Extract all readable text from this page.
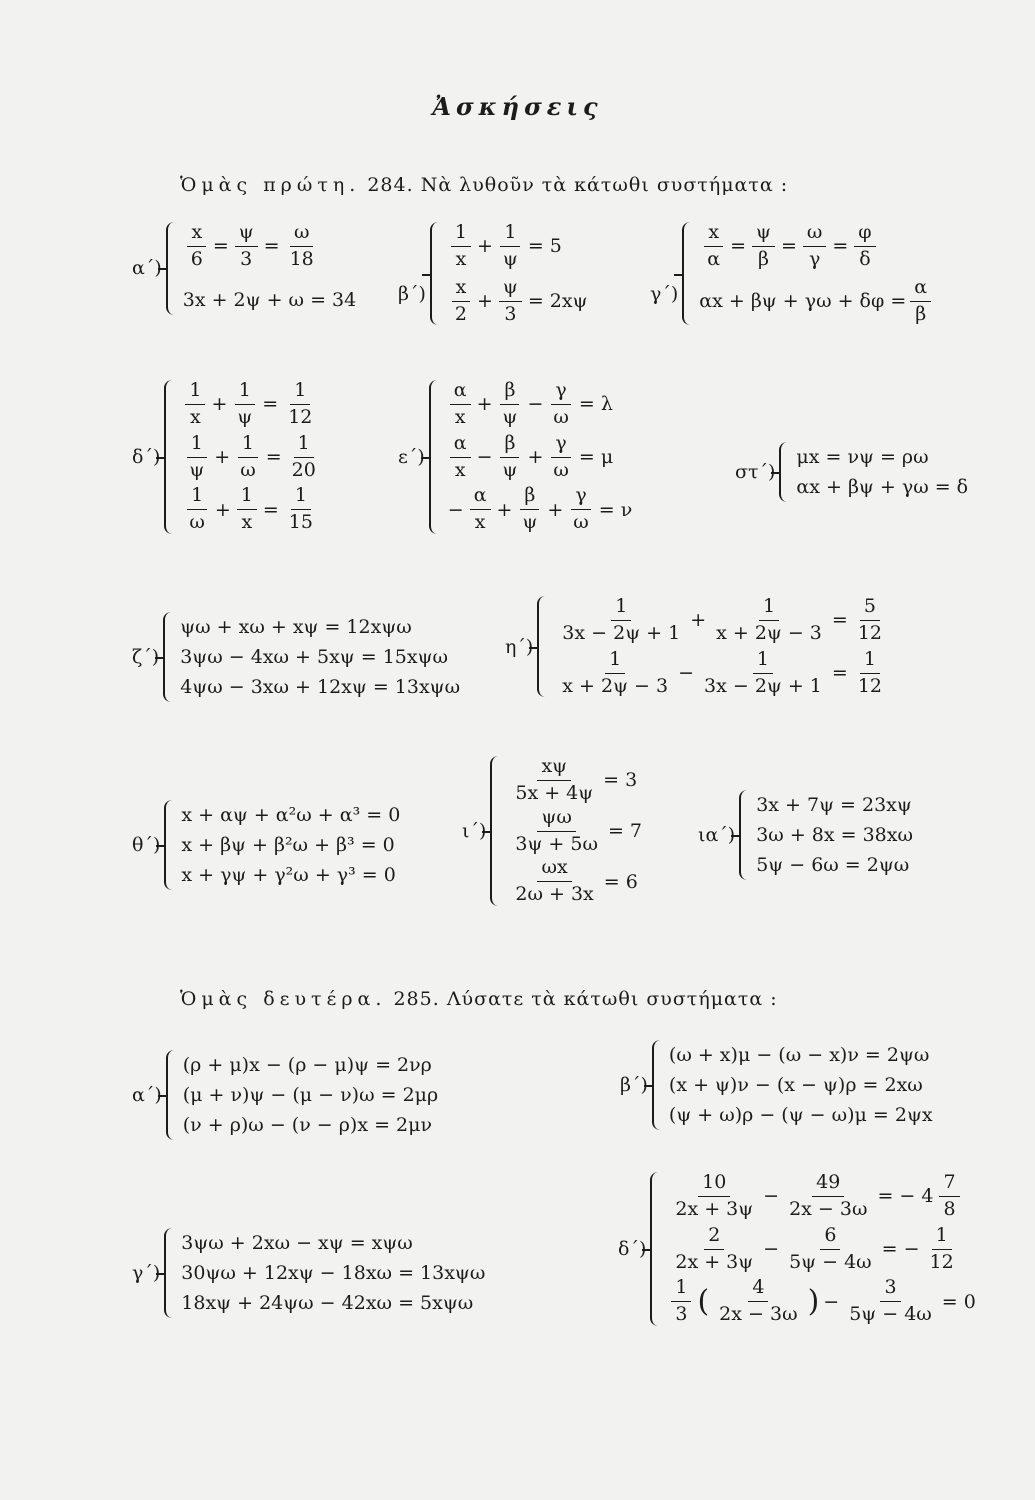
Ἀσκήσεις
Ὁμὰς πρώτη. 284. Νὰ λυθοῦν τὰ κάτωθι συστήματα :
$\alpha΄) \frac{x}{6} = \frac{\psi}{3} = \frac{\omega}{18}$
3x + 2ψ + ω = 34 β΄)
$\frac{1}{x} + \frac{1}{\psi} = 5$
$\frac{x}{2} + \frac{\psi}{3} = 2x\psi$	γ΄)
$\frac{x}{\alpha} = \frac{\psi}{\beta} = \frac{\omega}{\gamma} = \frac{\varphi}{\delta}$
$\alpha x + \beta\psi + \gamma\omega + \delta\varphi = \frac{\alpha}{\beta}$
δ΄)
$\frac{1}{x} + \frac{1}{\psi} = \frac{1}{12}$
$\frac{1}{\psi} + \frac{1}{\omega} = \frac{1}{20}$
$\frac{1}{\omega} + \frac{1}{x} = \frac{1}{15}$
ε΄)
$\frac{\alpha}{x} + \frac{\beta}{\psi} - \frac{\gamma}{\omega} = \lambda$
$\frac{\alpha}{x} - \frac{\beta}{\psi} + \frac{\gamma}{\omega} = \mu$
− $\frac{\alpha}{x} + \frac{\beta}{\psi} + \frac{\gamma}{\omega} = \nu$
στ΄)
μx = νψ = ρω
αx + βψ + γω = δ
ζ΄)
ψω + xω + xψ = 12xψω
3ψω − 4xω + 5xψ = 15xψω
4ψω − 3xω + 12xψ = 13xψω
η΄)
$\frac{1}{3x - 2\psi + 1} + \frac{1}{x + 2\psi - 3} = \frac{5}{12}$
$\frac{1}{x + 2\psi - 3} - \frac{1}{3x - 2\psi + 1} = \frac{1}{12}$
θ΄)
x + αψ + α²ω + α³ = 0
x + βψ + β²ω + β³ = 0
x + γψ + γ²ω + γ³ = 0
ι΄)
$\frac{x\psi}{5x + 4\psi} = 3$
$\frac{\psi\omega}{3\psi + 5\omega} = 7$
$\frac{\omega x}{2\omega + 3x} = 6$
ια΄)
3x + 7ψ = 23xψ
3ω + 8x = 38xω
5ψ − 6ω = 2ψω
Ὁμὰς δευτέρα. 285. Λύσατε τὰ κάτωθι συστήματα :
α΄)
(ρ + μ)x − (ρ − μ)ψ = 2νρ
(μ + ν)ψ − (μ − ν)ω = 2μρ
(ν + ρ)ω − (ν − ρ)x = 2μν
β΄)
(ω + x)μ − (ω − x)ν = 2ψω
(x + ψ)ν − (x − ψ)ρ = 2xω
(ψ + ω)ρ − (ψ − ω)μ = 2ψx
γ΄)
3ψω + 2xω − xψ = xψω
30ψω + 12xψ − 18xω = 13xψω
18xψ + 24ψω − 42xω = 5xψω
δ΄)
$\frac{10}{2x + 3\psi} - \frac{49}{2x - 3\omega}$ = − $4 \frac{7}{8}$
$\frac{2}{2x + 3\psi} - \frac{6}{5\psi - 4\omega}$ = − $\frac{1}{12}$
$\frac{1}{3}$ ( $\frac{4}{2x - 3\omega}$ ) − $\frac{3}{5\psi - 4\omega} = 0$
